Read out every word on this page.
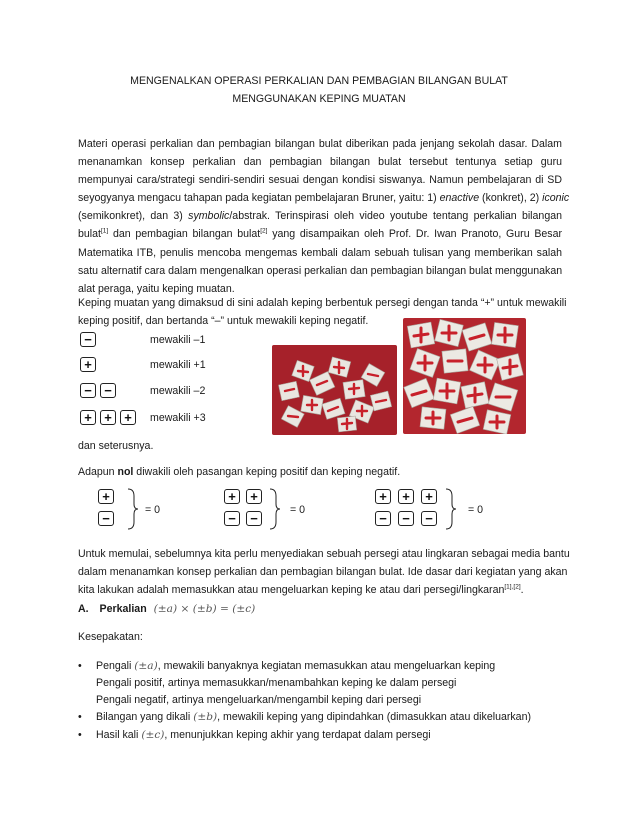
MENGENALKAN OPERASI PERKALIAN DAN PEMBAGIAN BILANGAN BULAT
MENGGUNAKAN KEPING MUATAN
Materi operasi perkalian dan pembagian bilangan bulat diberikan pada jenjang sekolah dasar. Dalam
menanamkan konsep perkalian dan pembagian bilangan bulat tersebut tentunya setiap guru
mempunyai cara/strategi sendiri-sendiri sesuai dengan kondisi siswanya. Namun pembelajaran di SD
seyogyanya mengacu tahapan pada kegiatan pembelajaran Bruner, yaitu: 1) enactive (konkret), 2) iconic
(semikonkret), dan 3) symbolic/abstrak. Terinspirasi oleh video youtube tentang perkalian bilangan
bulat[1] dan pembagian bilangan bulat[2] yang disampaikan oleh Prof. Dr. Iwan Pranoto, Guru Besar
Matematika ITB, penulis mencoba mengemas kembali dalam sebuah tulisan yang memberikan salah
satu alternatif cara dalam mengenalkan operasi perkalian dan pembagian bilangan bulat menggunakan
alat peraga, yaitu keping muatan.
Keping muatan yang dimaksud di sini adalah keping berbentuk persegi dengan tanda “+” untuk mewakili
keping positif, dan bertanda “–” untuk mewakili keping negatif.
−	mewakili –1
+	mewakili +1
− −	mewakili –2
+ + +	mewakili +3
dan seterusnya.
Adapun nol diwakili oleh pasangan keping positif dan keping negatif.
+
−
= 0
+	+
−	−
= 0
+	+	+
−	−	−
= 0
Untuk memulai, sebelumnya kita perlu menyediakan sebuah persegi atau lingkaran sebagai media bantu
dalam menanamkan konsep perkalian dan pembagian bilangan bulat. Ide dasar dari kegiatan yang akan
kita lakukan adalah memasukkan atau mengeluarkan keping ke atau dari persegi/lingkaran[1],[2].
A. Perkalian (±a) × (±b) = (±c)
Kesepakatan:
• Pengali (±a), mewakili banyaknya kegiatan memasukkan atau mengeluarkan keping
Pengali positif, artinya memasukkan/menambahkan keping ke dalam persegi
Pengali negatif, artinya mengeluarkan/mengambil keping dari persegi
• Bilangan yang dikali (±b), mewakili keping yang dipindahkan (dimasukkan atau dikeluarkan)
• Hasil kali (±c), menunjukkan keping akhir yang terdapat dalam persegi
